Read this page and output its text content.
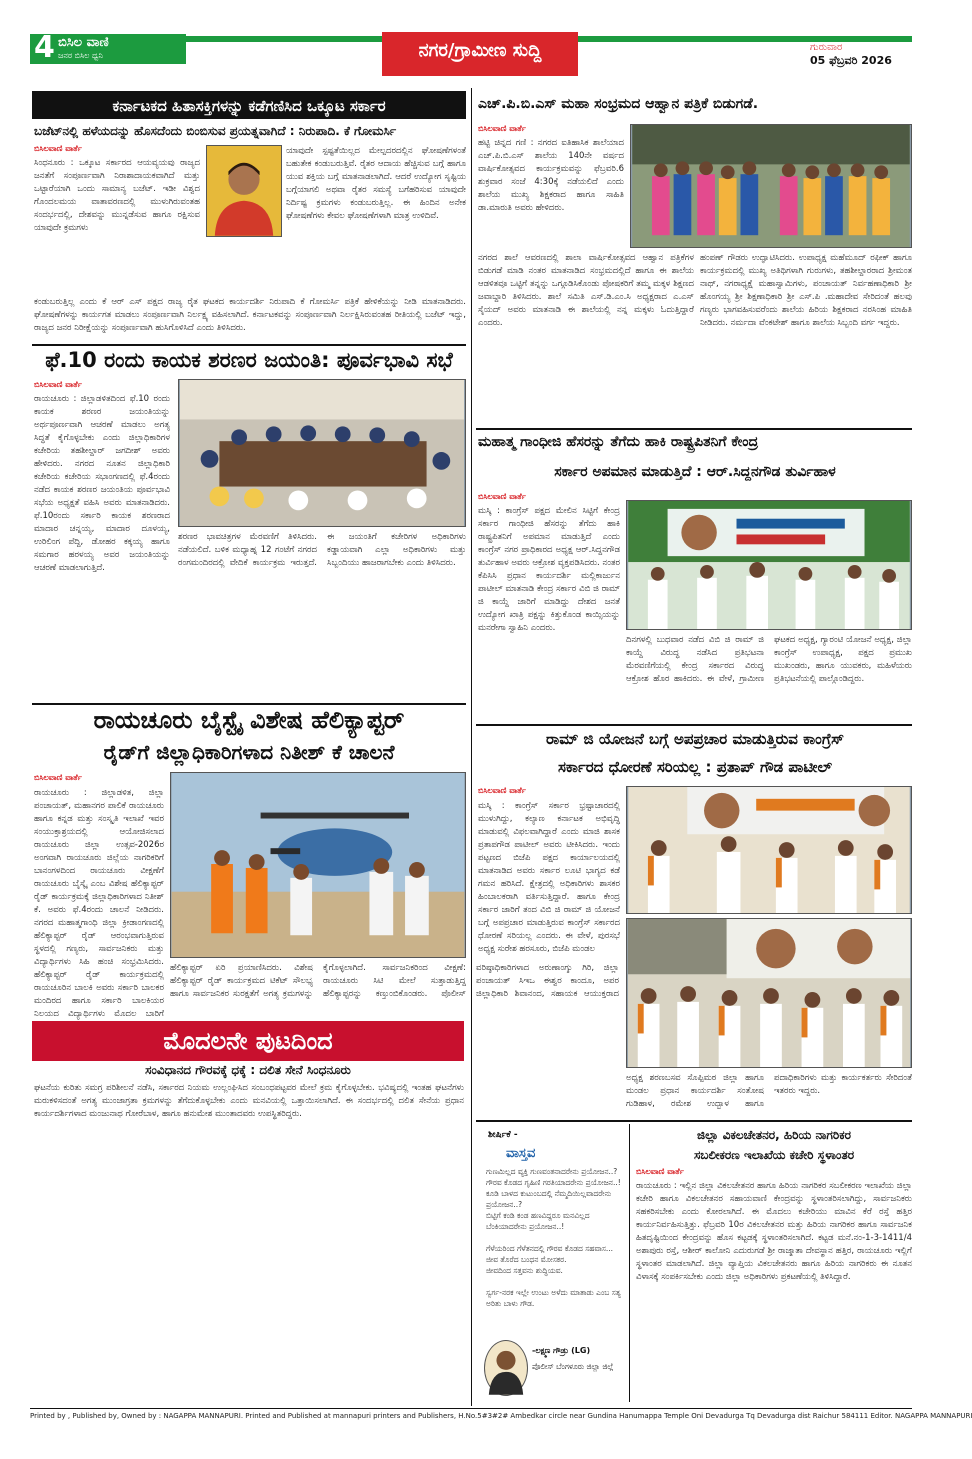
4 ಬಿಸಿಲ ವಾಣಿ
ಜನರ ಬಿಸಿಲ ಧ್ವನಿ	ನಗರ/ಗ್ರಾಮೀಣ ಸುದ್ದಿ	ಗುರುವಾರ
05 ಫೆಬ್ರವರಿ 2026
ಕರ್ನಾಟಕದ ಹಿತಾಸಕ್ತಿಗಳನ್ನು ಕಡೆಗಣಿಸಿದ ಒಕ್ಕೂಟ ಸರ್ಕಾರ
ಬಜೆಟ್‌ನಲ್ಲಿ ಹಳೆಯದನ್ನು ಹೊಸದೆಂದು ಬಿಂಬಿಸುವ ಪ್ರಯತ್ನವಾಗಿದೆ : ನಿರುಪಾದಿ. ಕೆ ಗೋಮರ್ಸಿ
ಬಿಸಿಲವಾಣಿ ವಾರ್ತೆ
ಸಿಂಧನೂರು : ಒಕ್ಕೂಟ ಸರ್ಕಾರದ ಆಯವ್ಯಯವು ರಾಜ್ಯದ ಜನತೆಗೆ ಸಂಪೂರ್ಣವಾಗಿ ನಿರಾಶಾದಾಯಕವಾಗಿದೆ ಮತ್ತು ಒಟ್ಟಾರೆಯಾಗಿ ಒಂದು ಸಾಮಾನ್ಯ ಬಜೆಟ್. ಇಡೀ ವಿಶ್ವದ ಗೊಂದಲಮಯ ವಾತಾವರಣದಲ್ಲಿ ಮುಳುಗಿರುವಂತಹ ಸಂದರ್ಭದಲ್ಲಿ, ದೇಶವನ್ನು ಮುನ್ನಡೆಸುವ ಹಾಗೂ ರಕ್ಷಿಸುವ ಯಾವುದೇ ಕ್ರಮಗಳು
ಯಾವುದೇ ಸ್ಪಷ್ಟತೆಯಿಲ್ಲದ ಮೇಲ್ಪದರದಲ್ಲಿನ ಘೋಷಣೆಗಳಂತೆ ಬಹುತೇಕ ಕಂಡುಬರುತ್ತಿವೆ. ರೈತರ ಆದಾಯ ಹೆಚ್ಚಿಸುವ ಬಗ್ಗೆ ಹಾಗೂ ಯುವ ಶಕ್ತಿಯ ಬಗ್ಗೆ ಮಾತನಾಡಲಾಗಿದೆ. ಆದರೆ ಉದ್ಯೋಗ ಸೃಷ್ಟಿಯ ಬಗ್ಗೆಯಾಗಲಿ ಅಥವಾ ರೈತರ ಸಮಸ್ಯೆ ಬಗೆಹರಿಸುವ ಯಾವುದೇ ನಿರ್ದಿಷ್ಟ ಕ್ರಮಗಳು ಕಂಡುಬರುತ್ತಿಲ್ಲ. ಈ ಹಿಂದಿನ ಅನೇಕ ಘೋಷಣೆಗಳು ಕೇವಲ ಘೋಷಣೆಗಳಾಗಿ ಮಾತ್ರ ಉಳಿದಿವೆ.
ಕಂಡುಬರುತ್ತಿಲ್ಲ ಎಂದು ಕೆ ಆರ್ ಎಸ್ ಪಕ್ಷದ ರಾಜ್ಯ ರೈತ ಘಟಕದ ಕಾರ್ಯದರ್ಶಿ ನಿರುಪಾದಿ ಕೆ ಗೋಮರ್ಸಿ ಪತ್ರಿಕೆ ಹೇಳಿಕೆಯನ್ನು ನೀಡಿ ಮಾತನಾಡಿದರು. ಘೋಷಣೆಗಳನ್ನು ಕಾರ್ಯಗತ ಮಾಡಲು ಸಂಪೂರ್ಣವಾಗಿ ನಿರ್ಲಕ್ಷ್ಯ ವಹಿಸಲಾಗಿದೆ. ಕರ್ನಾಟಕವನ್ನು ಸಂಪೂರ್ಣವಾಗಿ ನಿರ್ಲಕ್ಷಿಸಿರುವಂತಹ ರೀತಿಯಲ್ಲಿ ಬಜೆಟ್ ಇದ್ದು, ರಾಜ್ಯದ ಜನರ ನಿರೀಕ್ಷೆಯನ್ನು ಸಂಪೂರ್ಣವಾಗಿ ಹುಸಿಗೊಳಿಸಿದೆ ಎಂದು ತಿಳಿಸಿದರು.
ಫೆ.10 ರಂದು ಕಾಯಕ ಶರಣರ ಜಯಂತಿ: ಪೂರ್ವಭಾವಿ ಸಭೆ
ಬಿಸಿಲವಾಣಿ ವಾರ್ತೆ
ರಾಯಚೂರು : ಜಿಲ್ಲಾಡಳಿತದಿಂದ ಫೆ.10 ರಂದು ಕಾಯಕ ಶರಣರ ಜಯಂತಿಯನ್ನು ಅರ್ಥಪೂರ್ಣವಾಗಿ ಆಚರಣೆ ಮಾಡಲು ಅಗತ್ಯ ಸಿದ್ಧತೆ ಕೈಗೊಳ್ಳಬೇಕು ಎಂದು ಜಿಲ್ಲಾಧಿಕಾರಿಗಳ ಕಚೇರಿಯ ತಹಶೀಲ್ದಾರ್ ಜಗದೀಶ್ ಅವರು ಹೇಳಿದರು. ನಗರದ ನೂತನ ಜಿಲ್ಲಾಧಿಕಾರಿ ಕಚೇರಿಯ ಕಚೇರಿಯ ಸಭಾಂಗಣದಲ್ಲಿ ಫೆ.4ರಂದು ನಡೆದ ಕಾಯಕ ಶರಣರ ಜಯಂತಿಯ ಪೂರ್ವಭಾವಿ ಸಭೆಯ ಅಧ್ಯಕ್ಷತೆ ವಹಿಸಿ ಅವರು ಮಾತನಾಡಿದರು. ಫೆ.10ರಂದು ಸರ್ಕಾರಿ ಕಾಯಕ ಶರಣರಾದ ಮಾದಾರ ಚನ್ನಯ್ಯ, ಮಾದಾರ ದೂಳಯ್ಯ, ಉರಿಲಿಂಗ ಪೆದ್ದಿ, ಡೋಹರ ಕಕ್ಕಯ್ಯ ಹಾಗೂ ಸಮಗಾರ ಹರಳಯ್ಯ ಅವರ ಜಯಂತಿಯನ್ನು ಆಚರಣೆ ಮಾಡಲಾಗುತ್ತಿದೆ.
ಶರಣರ ಭಾವಚಿತ್ರಗಳ ಮೆರವಣಿಗೆ ತಿಳಿಸಿದರು. ನಡೆಯಲಿದೆ. ಬಳಿಕ ಮಧ್ಯಾಹ್ನ 12 ಗಂಟೆಗೆ ನಗರದ ರಂಗಮಂದಿರದಲ್ಲಿ ವೇದಿಕೆ ಕಾರ್ಯಕ್ರಮ ಇರುತ್ತದೆ. ಈ ಜಯಂತಿಗೆ ಕಚೇರಿಗಳ ಅಧಿಕಾರಿಗಳು ಕಡ್ಡಾಯವಾಗಿ ಎಲ್ಲಾ ಅಧಿಕಾರಿಗಳು ಮತ್ತು ಸಿಬ್ಬಂದಿಯು ಹಾಜರಾಗಬೇಕು ಎಂದು ತಿಳಿಸಿದರು.
ರಾಯಚೂರು ಬೈಸ್ಟೈ ವಿಶೇಷ ಹೆಲಿಕ್ಯಾಪ್ಟರ್
ರೈಡ್‌ಗೆ ಜಿಲ್ಲಾಧಿಕಾರಿಗಳಾದ ನಿತೀಶ್ ಕೆ ಚಾಲನೆ
ಬಿಸಿಲವಾಣಿ ವಾರ್ತೆ
ರಾಯಚೂರು : ಜಿಲ್ಲಾಡಳಿತ, ಜಿಲ್ಲಾ ಪಂಚಾಯತ್, ಮಹಾನಗರ ಪಾಲಿಕೆ ರಾಯಚೂರು ಹಾಗೂ ಕನ್ನಡ ಮತ್ತು ಸಂಸ್ಕೃತಿ ಇಲಾಖೆ ಇವರ ಸಂಯುಕ್ತಾಶ್ರಯದಲ್ಲಿ ಆಯೋಜಿಸಲಾದ ರಾಯಚೂರು ಜಿಲ್ಲಾ ಉತ್ಸವ-2026ರ ಅಂಗವಾಗಿ ರಾಯಚೂರು ಜಿಲ್ಲೆಯ ನಾಗರಿಕರಿಗೆ ಬಾನಂಗಳದಿಂದ ರಾಯಚೂರು ವೀಕ್ಷಣೆಗೆ ರಾಯಚೂರು ಬೈಸ್ಕೈ ಎಂಬ ವಿಶೇಷ ಹೆಲಿಕ್ಯಾಪ್ಟರ್ ರೈಡ್ ಕಾರ್ಯಕ್ರಮಕ್ಕೆ ಜಿಲ್ಲಾಧಿಕಾರಿಗಳಾದ ನಿತೀಶ್ ಕೆ. ಅವರು ಫೆ.4ರಂದು ಚಾಲನೆ ನೀಡಿದರು. ನಗರದ ಮಹಾತ್ಮಗಾಂಧಿ ಜಿಲ್ಲಾ ಕ್ರೀಡಾಂಗಣದಲ್ಲಿ ಹೆಲಿಕ್ಯಾಪ್ಟರ್ ರೈಡ್ ಆರಂಭವಾಗುತ್ತಿರುವ ಸ್ಥಳದಲ್ಲಿ ಗಣ್ಯರು, ಸಾರ್ವಜನಿಕರು ಮತ್ತು ವಿದ್ಯಾರ್ಥಿಗಳು ಸಿಹಿ ಹಂಚಿ ಸಂಭ್ರಮಿಸಿದರು. ಹೆಲಿಕ್ಯಾಪ್ಟರ್ ರೈಡ್ ಕಾರ್ಯಕ್ರಮದಲ್ಲಿ ರಾಯಚೂರಿನ ಬಾಲಕಿ ಅವರು ಸರ್ಕಾರಿ ಬಾಲಕರ ಮಂದಿರದ ಹಾಗೂ ಸರ್ಕಾರಿ ಬಾಲಕಿಯರ ನಿಲಯದ ವಿದ್ಯಾರ್ಥಿಗಳು ಮೊದಲ ಬಾರಿಗೆ
ಹೆಲಿಕ್ಯಾಪ್ಟರ್ ಏರಿ ಪ್ರಯಾಣಿಸಿದರು. ವಿಶೇಷ ಹೆಲಿಕ್ಯಾಪ್ಟರ್ ರೈಡ್ ಕಾರ್ಯಕ್ರಮದ ಟಿಕೆಟ್ ಸೌಲಭ್ಯ ಹಾಗೂ ಸಾರ್ವಜನಿಕರ ಸುರಕ್ಷತೆಗೆ ಅಗತ್ಯ ಕ್ರಮಗಳನ್ನು ಕೈಗೊಳ್ಳಲಾಗಿದೆ. ಸಾರ್ವಜನಿಕರಿಂದ ವೀಕ್ಷಣೆ: ರಾಯಚೂರು ಸಿಟಿ ಮೇಲೆ ಸುತ್ತಾಡುತ್ತಿದ್ದ ಹೆಲಿಕ್ಯಾಪ್ಟರನ್ನು ಕಣ್ತುಂಬಿಕೊಂಡರು. ಪೊಲೀಸ್ ವರಿಷ್ಠಾಧಿಕಾರಿಗಳಾದ ಅರುಣಾಂಗ್ಶು ಗಿರಿ, ಜಿಲ್ಲಾ ಪಂಚಾಯತ್ ಸಿಇಒ ಈಶ್ವರ ಕಾಂದೂ, ಅಪರ ಜಿಲ್ಲಾಧಿಕಾರಿ ಶಿವಾನಂದ, ಸಹಾಯಕ ಆಯುಕ್ತರಾದ
ಮೊದಲನೇ ಪುಟದಿಂದ
ಸಂವಿಧಾನದ ಗೌರವಕ್ಕೆ ಧಕ್ಕೆ : ದಲಿತ ಸೇನೆ ಸಿಂಧನೂರು
ಘಟನೆಯ ಕುರಿತು ಸಮಗ್ರ ಪರಿಶೀಲನೆ ನಡೆಸಿ, ಸರ್ಕಾರದ ನಿಯಮ ಉಲ್ಲಂಘಿಸಿದ ಸಂಬಂಧಪಟ್ಟವರ ಮೇಲೆ ಕ್ರಮ ಕೈಗೊಳ್ಳಬೇಕು. ಭವಿಷ್ಯದಲ್ಲಿ ಇಂತಹ ಘಟನೆಗಳು ಮರುಕಳಿಸದಂತೆ ಅಗತ್ಯ ಮುಂಜಾಗ್ರತಾ ಕ್ರಮಗಳನ್ನು ತೆಗೆದುಕೊಳ್ಳಬೇಕು ಎಂದು ಮನವಿಯಲ್ಲಿ ಒತ್ತಾಯಿಸಲಾಗಿದೆ. ಈ ಸಂದರ್ಭದಲ್ಲಿ ದಲಿತ ಸೇನೆಯ ಪ್ರಧಾನ ಕಾರ್ಯದರ್ಶಿಗಳಾದ ಮಂಜುನಾಥ ಗೋರೆಬಾಳ, ಹಾಗೂ ಹನುಮೇಶ ಮುಂತಾದವರು ಉಪಸ್ಥಿತರಿದ್ದರು.
ಎಚ್.ಪಿ.ಬಿ.ಎಸ್ ಮಹಾ ಸಂಭ್ರಮದ ಆಹ್ವಾನ ಪತ್ರಿಕೆ ಬಿಡುಗಡೆ.
ಬಿಸಿಲವಾಣಿ ವಾರ್ತೆ
ಹಟ್ಟಿ ಚಿನ್ನದ ಗಣಿ : ನಗರದ ಐತಿಹಾಸಿಕ ಶಾಲೆಯಾದ ಎಚ್.ಪಿ.ಬಿ.ಎಸ್ ಶಾಲೆಯ 140ನೇ ವರ್ಷದ ವಾರ್ಷಿಕೋತ್ಸವದ ಕಾರ್ಯಕ್ರಮವನ್ನು ಫೆಬ್ರವರಿ.6 ಶುಕ್ರವಾರ ಸಂಜೆ 4:30ಕ್ಕೆ ನಡೆಯಲಿದೆ ಎಂದು ಶಾಲೆಯ ಮುಖ್ಯ ಶಿಕ್ಷಕರಾದ ಹಾಗೂ ಸಾಹಿತಿ ಡಾ.ಮಾರುತಿ ಅವರು ಹೇಳಿದರು.
ನಗರದ ಶಾಲೆ ಆವರಣದಲ್ಲಿ ಶಾಲಾ ವಾರ್ಷಿಕೋತ್ಸವದ ಆಹ್ವಾನ ಪತ್ರಿಕೆಗಳ ಬಿಡುಗಡೆ ಮಾಡಿ ನಂತರ ಮಾತನಾಡಿದ ಸಂಭ್ರಮದಲ್ಲಿದೆ ಹಾಗೂ ಈ ಶಾಲೆಯ ಆಡಳಿತವೂ ಒಟ್ಟಿಗೆ ತನ್ನನ್ನು ಒಗ್ಗೂಡಿಸಿಕೊಂಡು ಪೋಷಕರಿಗೆ ತಮ್ಮ ಮಕ್ಕಳ ಶಿಕ್ಷಣದ ಜವಾಬ್ದಾರಿ ತಿಳಿಸಿದರು. ಶಾಲೆ ಸಮಿತಿ ಎಸ್.ಡಿ.ಎಂ.ಸಿ ಅಧ್ಯಕ್ಷರಾದ ಎ.ಎಸ್ ಸೈಯದ್ ಅವರು ಮಾತನಾಡಿ ಈ ಶಾಲೆಯಲ್ಲಿ ನನ್ನ ಮಕ್ಕಳು ಓದುತ್ತಿದ್ದಾರೆ ಎಂದರು.
ಹಂಪಣ್ ಗೌಡರು ಉದ್ಘಾಟಿಸಿದರು. ಉಪಾಧ್ಯಕ್ಷ ಮಹೆಮೂದ್ ರಫೀಕ್ ಹಾಗೂ ಕಾರ್ಯಕ್ರಮದಲ್ಲಿ ಮುಖ್ಯ ಅತಿಥಿಗಳಾಗಿ ಗುರುಗಳು, ತಹಶೀಲ್ದಾರರಾದ ಶ್ರೀಮಂತ ನಾಥ್, ನಗರಾಧ್ಯಕ್ಷೆ ಮಹಾಸ್ವಾಮಿಗಳು, ಪಂಚಾಯತ್ ನಿರ್ವಹಣಾಧಿಕಾರಿ ಶ್ರೀ ಹೊಂಗಯ್ಯ ಶ್ರೀ ಶಿಕ್ಷಣಾಧಿಕಾರಿ ಶ್ರೀ ಎಸ್.ಪಿ .ಮಹಾದೇವ ಸೇರಿದಂತೆ ಹಲವು ಗಣ್ಯರು ಭಾಗವಹಿಸುವರೆಂದು ಶಾಲೆಯ ಹಿರಿಯ ಶಿಕ್ಷಕರಾದ ನರಸಿಂಹ ಮಾಹಿತಿ ನೀಡಿದರು. ನರ್ಮದಾ ವೆಂಕಟೇಶ್ ಹಾಗೂ ಶಾಲೆಯ ಸಿಬ್ಬಂದಿ ವರ್ಗ ಇದ್ದರು.
ಮಹಾತ್ಮ ಗಾಂಧೀಜಿ ಹೆಸರನ್ನು ತೆಗೆದು ಹಾಕಿ ರಾಷ್ಟ್ರಪಿತನಿಗೆ ಕೇಂದ್ರ
ಸರ್ಕಾರ ಅಪಮಾನ ಮಾಡುತ್ತಿದೆ : ಆರ್.ಸಿದ್ದನಗೌಡ ತುರ್ವಿಹಾಳ
ಬಿಸಿಲವಾಣಿ ವಾರ್ತೆ
ಮಸ್ಕಿ : ಕಾಂಗ್ರೆಸ್ ಪಕ್ಷದ ಮೇಲಿನ ಸಿಟ್ಟಿಗೆ ಕೇಂದ್ರ ಸರ್ಕಾರ ಗಾಂಧೀಜಿ ಹೆಸರನ್ನು ತೆಗೆದು ಹಾಕಿ ರಾಷ್ಟ್ರಪಿತನಿಗೆ ಅಪಮಾನ ಮಾಡುತ್ತಿದೆ ಎಂದು ಕಾಂಗ್ರೆಸ್ ನಗರ ಪ್ರಾಧಿಕಾರದ ಅಧ್ಯಕ್ಷ ಆರ್.ಸಿದ್ದನಗೌಡ ತುರ್ವಿಹಾಳ ಅವರು ಆಕ್ರೋಶ ವ್ಯಕ್ತಪಡಿಸಿದರು. ನಂತರ ಕೆಪಿಸಿಸಿ ಪ್ರಧಾನ ಕಾರ್ಯದರ್ಶಿ ಮಲ್ಲಿಕಾರ್ಜುನ ಪಾಟೀಲ್ ಮಾತನಾಡಿ ಕೇಂದ್ರ ಸರ್ಕಾರ ವಿಬಿ ಜಿ ರಾಮ್ ಜಿ ಕಾಯ್ದೆ ಜಾರಿಗೆ ಮಾಡಿದ್ದು ದೇಶದ ಜನತೆ ಉದ್ಯೋಗ ಖಾತ್ರಿ ಪಕ್ಷನ್ನು ಕಿತ್ತುಕೊಂಡ ಕಾಯ್ಸಿಯನ್ನು ಮನರೇಗಾ ಸ್ವಾಹಿನಿ ಎಂದರು.
ದಿನಗಳಲ್ಲಿ ಬುಧವಾರ ನಡೆದ ವಿಬಿ ಜಿ ರಾಮ್ ಜಿ ಕಾಯ್ದೆ ವಿರುದ್ಧ ನಡೆಸಿದ ಪ್ರತಿಭಟನಾ ಮೆರವಣಿಗೆಯಲ್ಲಿ ಕೇಂದ್ರ ಸರ್ಕಾರದ ವಿರುದ್ಧ ಆಕ್ರೋಶ ಹೊರ ಹಾಕಿದರು. ಈ ವೇಳೆ, ಗ್ರಾಮೀಣ ಘಟಕದ ಅಧ್ಯಕ್ಷ, ಗ್ಯಾರಂಟಿ ಯೋಜನೆ ಅಧ್ಯಕ್ಷ, ಜಿಲ್ಲಾ ಕಾಂಗ್ರೆಸ್ ಉಪಾಧ್ಯಕ್ಷ, ಪಕ್ಷದ ಪ್ರಮುಖ ಮುಖಂಡರು, ಹಾಗೂ ಯುವಕರು, ಮಹಿಳೆಯರು ಪ್ರತಿಭಟನೆಯಲ್ಲಿ ಪಾಲ್ಗೊಂಡಿದ್ದರು.
ರಾಮ್ ಜಿ ಯೋಜನೆ ಬಗ್ಗೆ ಅಪಪ್ರಚಾರ ಮಾಡುತ್ತಿರುವ ಕಾಂಗ್ರೆಸ್
ಸರ್ಕಾರದ ಧೋರಣೆ ಸರಿಯಲ್ಲ : ಪ್ರತಾಪ್ ಗೌಡ ಪಾಟೀಲ್
ಬಿಸಿಲವಾಣಿ ವಾರ್ತೆ
ಮಸ್ಕಿ : ಕಾಂಗ್ರೆಸ್ ಸರ್ಕಾರ ಭ್ರಷ್ಟಾಚಾರದಲ್ಲಿ ಮುಳುಗಿದ್ದು, ಕಲ್ಯಾಣ ಕರ್ನಾಟಕ ಅಭಿವೃದ್ಧಿ ಮಾಡುವಲ್ಲಿ ವಿಫಲವಾಗಿದ್ದಾರೆ ಎಂದು ಮಾಜಿ ಶಾಸಕ ಪ್ರತಾಪಗೌಡ ಪಾಟೀಲ್ ಅವರು ಟೀಕಿಸಿದರು. ಇಂದು ಪಟ್ಟಣದ ಬಿಜೆಪಿ ಪಕ್ಷದ ಕಾರ್ಯಾಲಯದಲ್ಲಿ ಮಾತನಾಡಿದ ಅವರು ಸರ್ಕಾರ ಲೂಟಿ ಭಾಗ್ಯದ ಕಡೆ ಗಮನ ಹರಿಸಿದೆ. ಕ್ಷೇತ್ರದಲ್ಲಿ ಅಧಿಕಾರಿಗಳು ಶಾಸಕರ ಹಿಂಬಾಲಕರಾಗಿ ವರ್ತಿಸುತ್ತಿದ್ದಾರೆ. ಹಾಗೂ ಕೇಂದ್ರ ಸರ್ಕಾರ ಜಾರಿಗೆ ತಂದ ವಿಬಿ ಜಿ ರಾಮ್ ಜಿ ಯೋಜನೆ ಬಗ್ಗೆ ಅಪಪ್ರಚಾರ ಮಾಡುತ್ತಿರುವ ಕಾಂಗ್ರೆಸ್ ಸರ್ಕಾರದ ಧೋರಣೆ ಸರಿಯಲ್ಲ ಎಂದರು. ಈ ವೇಳೆ, ಪುರಸಭೆ ಅಧ್ಯಕ್ಷ ಸುರೇಶ ಹರಸೂರು, ಬಿಜೆಪಿ ಮಂಡಲ
ಅಧ್ಯಕ್ಷ ಶರಣಬಸವ ಸೊಪ್ಪಿಮಠ ಜಿಲ್ಲಾ ಹಾಗೂ ಮಂಡಲ ಪ್ರಧಾನ ಕಾರ್ಯದರ್ಶಿ ಸಂತೋಷ ಗುಡಿಹಾಳ, ರಮೇಶ ಉದ್ಬಾಳ ಹಾಗೂ ಪದಾಧಿಕಾರಿಗಳು ಮತ್ತು ಕಾರ್ಯಕರ್ತರು ಸೇರಿದಂತೆ ಇತರರು ಇದ್ದರು.
ಶೀರ್ಷಿಕೆ -
ವಾಸ್ತವ
ಗುಣಮಿಲ್ಲದ ವ್ಯಕ್ತಿ ಗುಣವಂತನಾದರೇನು ಪ್ರಯೋಜನ..?
ಗೌರವ ಕೊಡದ ಗೃಹಿಣಿ ಗರತಿಯಾದರೇನು ಪ್ರಯೋಜನ..!
ಕೂಡಿ ಬಾಳದ ಕುಟುಂಬದಲ್ಲಿ ನೆಮ್ಮದಿಯಿಲ್ಲವಾದರೇನು ಪ್ರಯೋಜನ..?
ಬಿಟ್ಟಿಗೆ ಕಂಡಿ ಕಂಡ ಹಣವಿದ್ದರೂ ಮನವಿಲ್ಲದ ಬೆಂಕಿಯಾದರೇನು ಪ್ರಯೋಜನ..!

ಗೆಳೆಯರಿಂದ ಗೆಳೆತನದಲ್ಲಿ ಗೌರವ ಕೊಡದ ಸಹವಾಸ...
ಜೀವ ತೊರೆದ ಬಂಧನ ಮೋಸಕರ.
ಜೀವದಿಂದ ಸತ್ತವನು ಶುದ್ಧಿಯವ.

ಸ್ವರ್ಗ-ನರಕ ಇಲ್ಲೇ ಉಂಟು ಅಳೆದು ಮಾತಾಡು ಎಂಬ ಸತ್ಯ ಅರಿತು ಬಾಳು ಗೌಡ.
-ಲಕ್ಷ್ಮಣ ಗೌಡ್ರು (LG)
ಪೊಲೀಸ್ ಬೆಂಗಳೂರು ಜಿಲ್ಲಾ ಜಿಲ್ಲೆ
ಜಿಲ್ಲಾ ವಿಕಲಚೇತನರ, ಹಿರಿಯ ನಾಗರಿಕರ
ಸಬಲೀಕರಣ ಇಲಾಖೆಯ ಕಚೇರಿ ಸ್ಥಳಾಂತರ
ಬಿಸಿಲವಾಣಿ ವಾರ್ತೆ
ರಾಯಚೂರು : ಇಲ್ಲಿನ ಜಿಲ್ಲಾ ವಿಕಲಚೇತನರ ಹಾಗೂ ಹಿರಿಯ ನಾಗರಿಕರ ಸಬಲೀಕರಣ ಇಲಾಖೆಯ ಜಿಲ್ಲಾ ಕಚೇರಿ ಹಾಗೂ ವಿಕಲಚೇತನರ ಸಹಾಯವಾಣಿ ಕೇಂದ್ರವನ್ನು ಸ್ಥಳಾಂತರಿಸಲಾಗಿದ್ದು, ಸಾರ್ವಜನಿಕರು ಸಹಕರಿಸಬೇಕು ಎಂದು ಕೋರಲಾಗಿದೆ. ಈ ಮೊದಲು ಕಚೇರಿಯು ಮಾವಿನ ಕೆರೆ ರಸ್ತೆ ಹತ್ತಿರ ಕಾರ್ಯನಿರ್ವಹಿಸುತ್ತಿತ್ತು. ಫೆಬ್ರವರಿ 10ರ ವಿಕಲಚೇತನರ ಮತ್ತು ಹಿರಿಯ ನಾಗರಿಕರ ಹಾಗೂ ಸಾರ್ವಜನಿಕ ಹಿತದೃಷ್ಟಿಯಿಂದ ಕೇಂದ್ರವನ್ನು ಹೊಸ ಕಟ್ಟಡಕ್ಕೆ ಸ್ಥಳಾಂತರಿಸಲಾಗಿದೆ. ಕಟ್ಟಡ ಮನೆ.ನಂ-1-3-1411/4 ಅಶಾಪುರು ರಸ್ತೆ, ಆಶೀರ್ ಕಾಲೋನಿ ಎದುರುಗಡೆ ಶ್ರೀ ರಾಜ್ಮಾತಾ ದೇವಸ್ಥಾನ ಹತ್ತಿರ, ರಾಯಚೂರು ಇಲ್ಲಿಗೆ ಸ್ಥಳಾಂತರ ಮಾಡಲಾಗಿದೆ. ಜಿಲ್ಲಾ ವ್ಯಾಪ್ತಿಯ ವಿಕಲಚೇತನರು ಹಾಗೂ ಹಿರಿಯ ನಾಗರಿಕರು ಈ ನೂತನ ವಿಳಾಸಕ್ಕೆ ಸಂಪರ್ಕಿಸಬೇಕು ಎಂದು ಜಿಲ್ಲಾ ಅಧಿಕಾರಿಗಳು ಪ್ರಕಟಣೆಯಲ್ಲಿ ತಿಳಿಸಿದ್ದಾರೆ.
Printed by , Published by, Owned by : NAGAPPA MANNAPURI. Printed and Published at mannapuri printers and Publishers, H.No.5#3#2# Ambedkar circle near Gundina Hanumappa Temple Oni Devadurga Tq Devadurga dist Raichur 584111 Editor. NAGAPPA MANNAPURI
